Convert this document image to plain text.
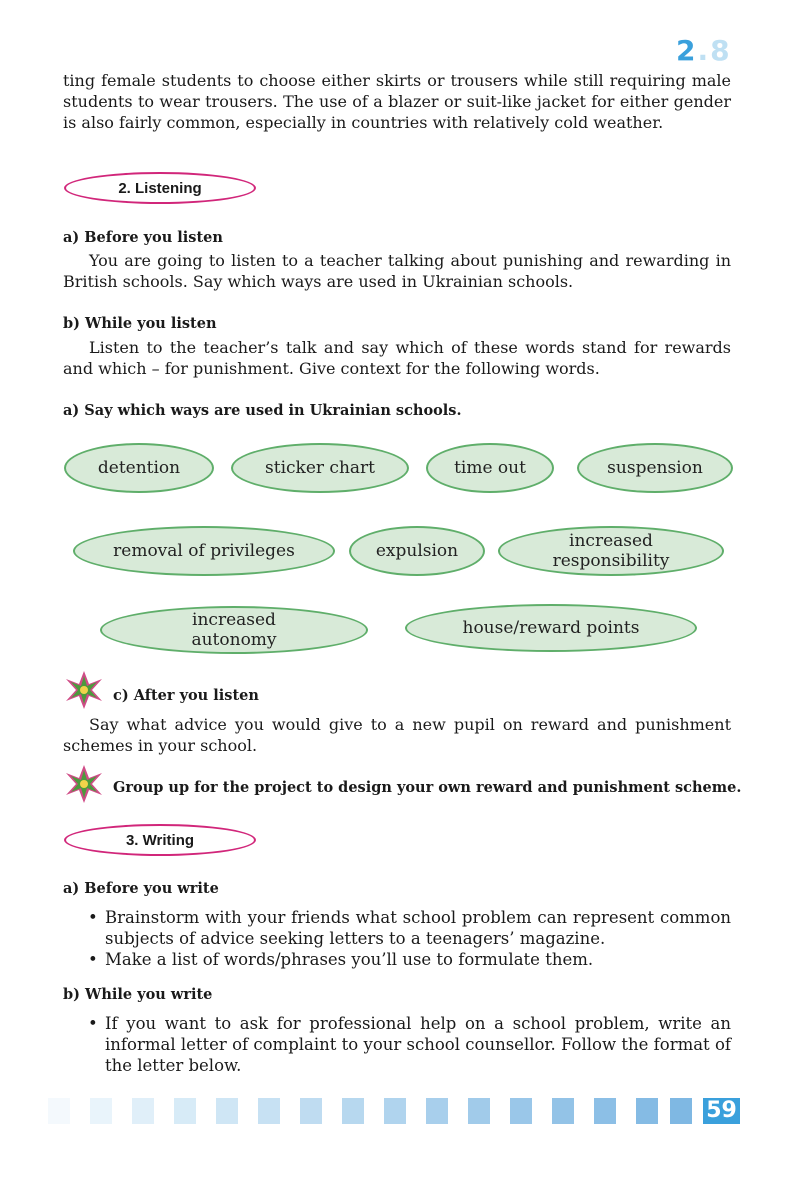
2.8
ting female students to choose either skirts or trousers while still requiring male students to wear trousers. The use of a blazer or suit-like jacket for either gender is also fairly common, especially in countries with relatively cold weather.
2. Listening
a) Before you listen
You are going to listen to a teacher talking about punishing and rewarding in British schools. Say which ways are used in Ukrainian schools.
b) While you listen
Listen to the teacher’s talk and say which of these words stand for rewards and which – for punishment. Give context for the following words.
a) Say which ways are used in Ukrainian schools.
detention	sticker chart	time out	suspension
removal of privileges	expulsion	increased responsibility
increased autonomy
house/reward points
c) After you listen
Say what advice you would give to a new pupil on reward and punishment schemes in your school.
Group up for the project to design your own reward and punishment scheme.
3. Writing
a) Before you write
• Brainstorm with your friends what school problem can represent common subjects of advice seeking letters to a teenagers’ magazine.
• Make a list of words/phrases you’ll use to formulate them.
b) While you write
• If you want to ask for professional help on a school problem, write an informal letter of complaint to your school counsellor. Follow the format of the letter below.
59
